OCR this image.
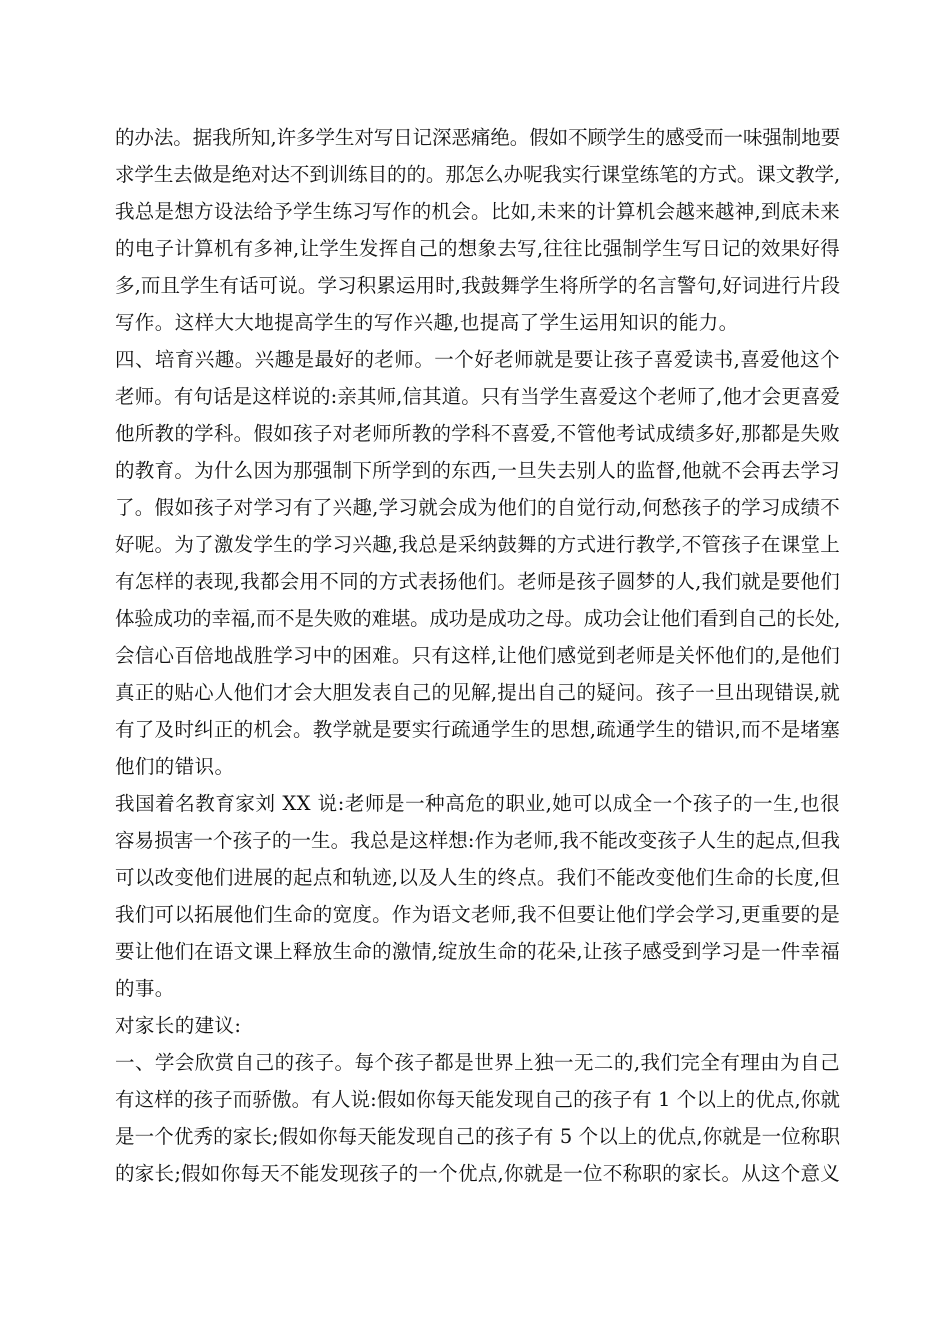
的办法。据我所知,许多学生对写日记深恶痛绝。假如不顾学生的感受而一味强制地要
求学生去做是绝对达不到训练目的的。那怎么办呢我实行课堂练笔的方式。课文教学,
我总是想方设法给予学生练习写作的机会。比如,未来的计算机会越来越神,到底未来
的电子计算机有多神,让学生发挥自己的想象去写,往往比强制学生写日记的效果好得
多,而且学生有话可说。学习积累运用时,我鼓舞学生将所学的名言警句,好词进行片段
写作。这样大大地提高学生的写作兴趣,也提高了学生运用知识的能力。
四、培育兴趣。兴趣是最好的老师。一个好老师就是要让孩子喜爱读书,喜爱他这个
老师。有句话是这样说的:亲其师,信其道。只有当学生喜爱这个老师了,他才会更喜爱
他所教的学科。假如孩子对老师所教的学科不喜爱,不管他考试成绩多好,那都是失败
的教育。为什么因为那强制下所学到的东西,一旦失去别人的监督,他就不会再去学习
了。假如孩子对学习有了兴趣,学习就会成为他们的自觉行动,何愁孩子的学习成绩不
好呢。为了激发学生的学习兴趣,我总是采纳鼓舞的方式进行教学,不管孩子在课堂上
有怎样的表现,我都会用不同的方式表扬他们。老师是孩子圆梦的人,我们就是要他们
体验成功的幸福,而不是失败的难堪。成功是成功之母。成功会让他们看到自己的长处,
会信心百倍地战胜学习中的困难。只有这样,让他们感觉到老师是关怀他们的,是他们
真正的贴心人他们才会大胆发表自己的见解,提出自己的疑问。孩子一旦出现错误,就
有了及时纠正的机会。教学就是要实行疏通学生的思想,疏通学生的错识,而不是堵塞
他们的错识。
我国着名教育家刘 XX 说:老师是一种高危的职业,她可以成全一个孩子的一生,也很
容易损害一个孩子的一生。我总是这样想:作为老师,我不能改变孩子人生的起点,但我
可以改变他们进展的起点和轨迹,以及人生的终点。我们不能改变他们生命的长度,但
我们可以拓展他们生命的宽度。作为语文老师,我不但要让他们学会学习,更重要的是
要让他们在语文课上释放生命的激情,绽放生命的花朵,让孩子感受到学习是一件幸福
的事。
对家长的建议:
一、学会欣赏自己的孩子。每个孩子都是世界上独一无二的,我们完全有理由为自己
有这样的孩子而骄傲。有人说:假如你每天能发现自己的孩子有 1 个以上的优点,你就
是一个优秀的家长;假如你每天能发现自己的孩子有 5 个以上的优点,你就是一位称职
的家长;假如你每天不能发现孩子的一个优点,你就是一位不称职的家长。从这个意义
